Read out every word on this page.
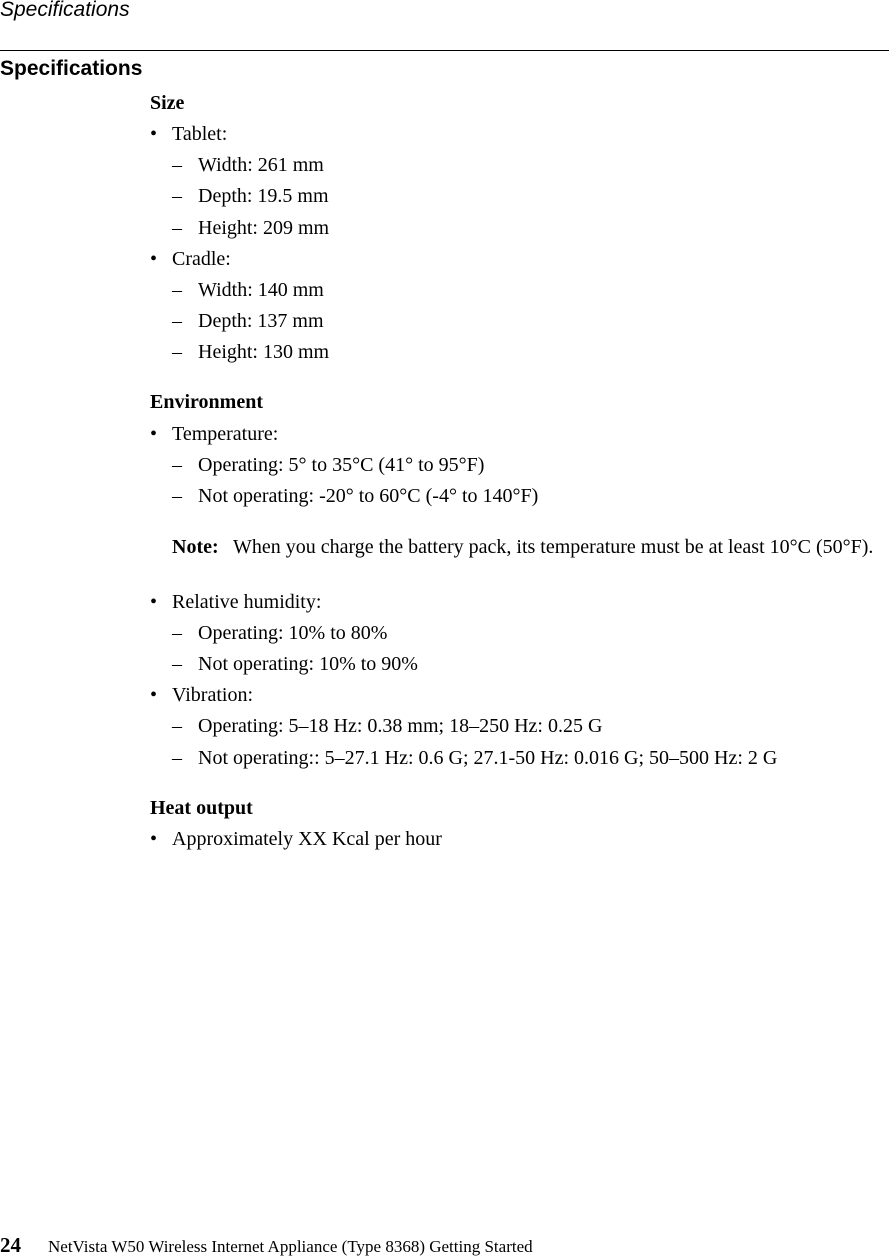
Specifications
Specifications
Size
• Tablet:
– Width: 261 mm
– Depth: 19.5 mm
– Height: 209 mm
• Cradle:
– Width: 140 mm
– Depth: 137 mm
– Height: 130 mm
Environment
• Temperature:
– Operating: 5° to 35°C (41° to 95°F)
– Not operating: -20° to 60°C (-4° to 140°F)
Note: When you charge the battery pack, its temperature must be at least 10°C (50°F).
• Relative humidity:
– Operating: 10% to 80%
– Not operating: 10% to 90%
• Vibration:
– Operating: 5–18 Hz: 0.38 mm; 18–250 Hz: 0.25 G
– Not operating:: 5–27.1 Hz: 0.6 G; 27.1-50 Hz: 0.016 G; 50–500 Hz: 2 G
Heat output
• Approximately XX Kcal per hour
24 NetVista W50 Wireless Internet Appliance (Type 8368) Getting Started
